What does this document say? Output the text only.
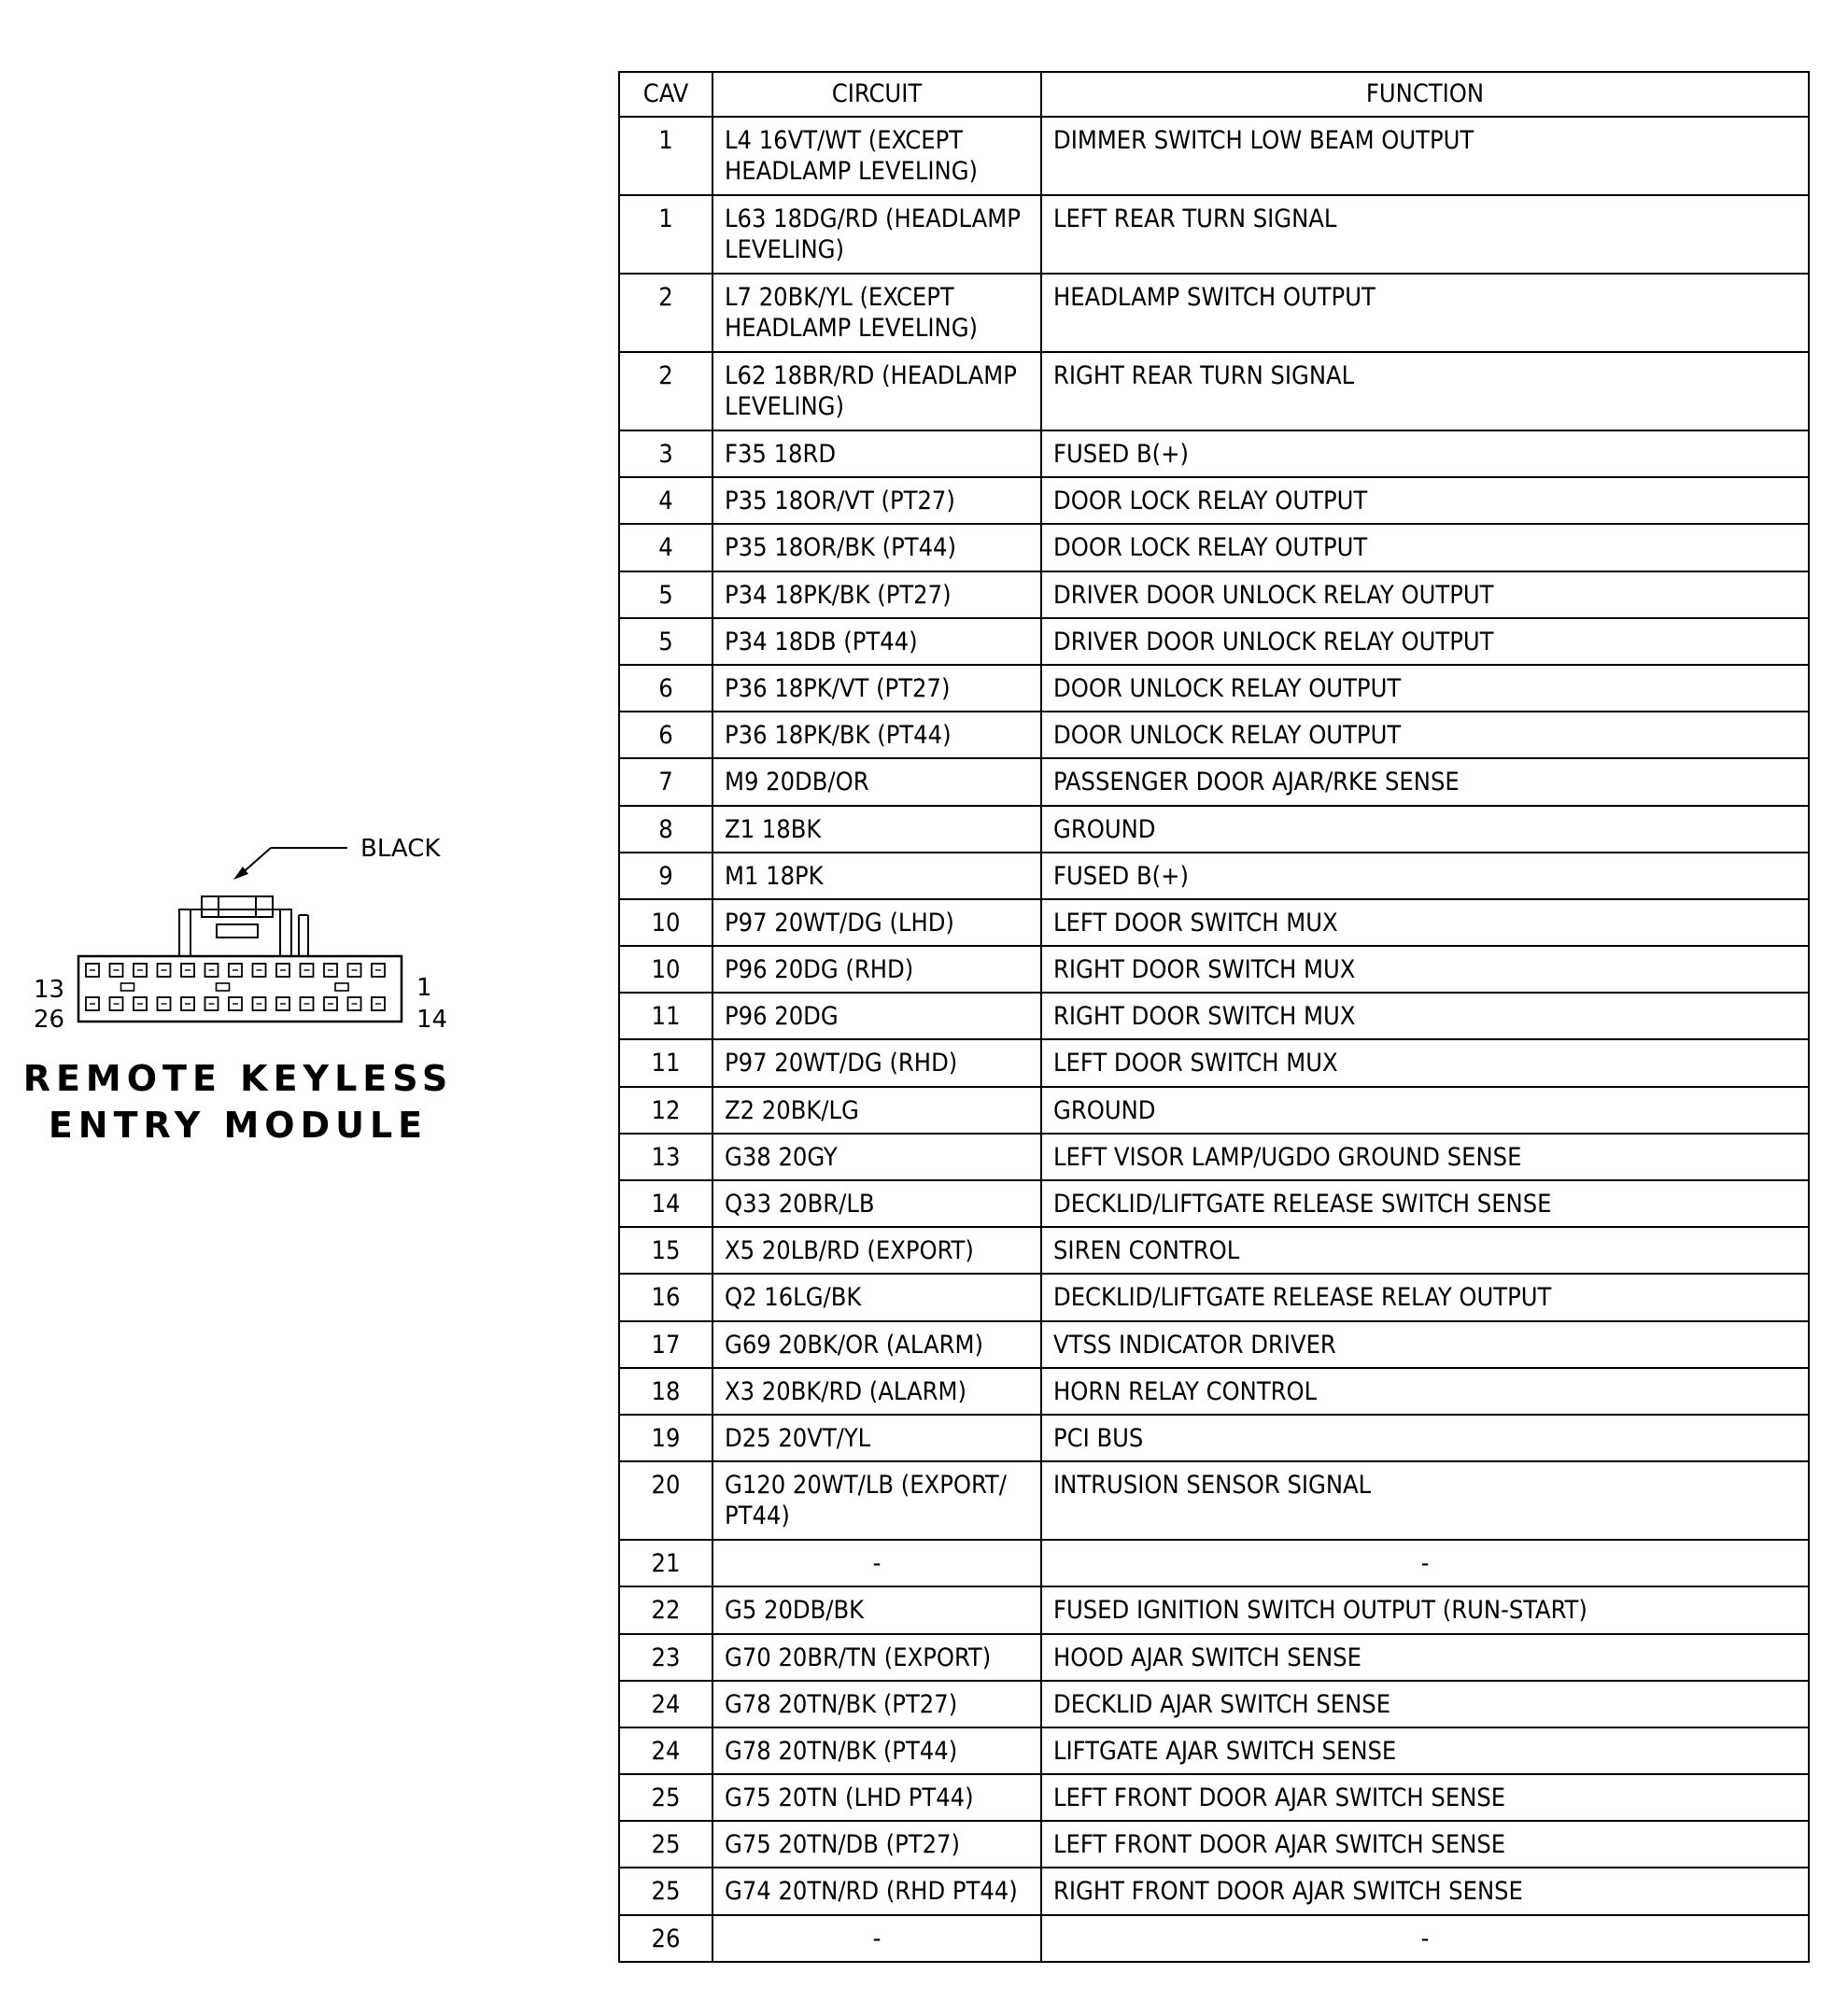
BLACK
13	1
26	14
REMOTE KEYLESS
ENTRY MODULE
CAV	CIRCUIT	FUNCTION
1	L4 16VT/WT (EXCEPT HEADLAMP LEVELING)	DIMMER SWITCH LOW BEAM OUTPUT
1	L63 18DG/RD (HEADLAMP LEVELING)	LEFT REAR TURN SIGNAL
2	L7 20BK/YL (EXCEPT HEADLAMP LEVELING)	HEADLAMP SWITCH OUTPUT
2	L62 18BR/RD (HEADLAMP LEVELING)	RIGHT REAR TURN SIGNAL
3	F35 18RD	FUSED B(+)
4	P35 18OR/VT (PT27)	DOOR LOCK RELAY OUTPUT
4	P35 18OR/BK (PT44)	DOOR LOCK RELAY OUTPUT
5	P34 18PK/BK (PT27)	DRIVER DOOR UNLOCK RELAY OUTPUT
5	P34 18DB (PT44)	DRIVER DOOR UNLOCK RELAY OUTPUT
6	P36 18PK/VT (PT27)	DOOR UNLOCK RELAY OUTPUT
6	P36 18PK/BK (PT44)	DOOR UNLOCK RELAY OUTPUT
7	M9 20DB/OR	PASSENGER DOOR AJAR/RKE SENSE
8	Z1 18BK	GROUND
9	M1 18PK	FUSED B(+)
10	P97 20WT/DG (LHD)	LEFT DOOR SWITCH MUX
10	P96 20DG (RHD)	RIGHT DOOR SWITCH MUX
11	P96 20DG	RIGHT DOOR SWITCH MUX
11	P97 20WT/DG (RHD)	LEFT DOOR SWITCH MUX
12	Z2 20BK/LG	GROUND
13	G38 20GY	LEFT VISOR LAMP/UGDO GROUND SENSE
14	Q33 20BR/LB	DECKLID/LIFTGATE RELEASE SWITCH SENSE
15	X5 20LB/RD (EXPORT)	SIREN CONTROL
16	Q2 16LG/BK	DECKLID/LIFTGATE RELEASE RELAY OUTPUT
17	G69 20BK/OR (ALARM)	VTSS INDICATOR DRIVER
18	X3 20BK/RD (ALARM)	HORN RELAY CONTROL
19	D25 20VT/YL	PCI BUS
20	G120 20WT/LB (EXPORT/ PT44)	INTRUSION SENSOR SIGNAL
21	-	-
22	G5 20DB/BK	FUSED IGNITION SWITCH OUTPUT (RUN-START)
23	G70 20BR/TN (EXPORT)	HOOD AJAR SWITCH SENSE
24	G78 20TN/BK (PT27)	DECKLID AJAR SWITCH SENSE
24	G78 20TN/BK (PT44)	LIFTGATE AJAR SWITCH SENSE
25	G75 20TN (LHD PT44)	LEFT FRONT DOOR AJAR SWITCH SENSE
25	G75 20TN/DB (PT27)	LEFT FRONT DOOR AJAR SWITCH SENSE
25	G74 20TN/RD (RHD PT44)	RIGHT FRONT DOOR AJAR SWITCH SENSE
26	-	-
